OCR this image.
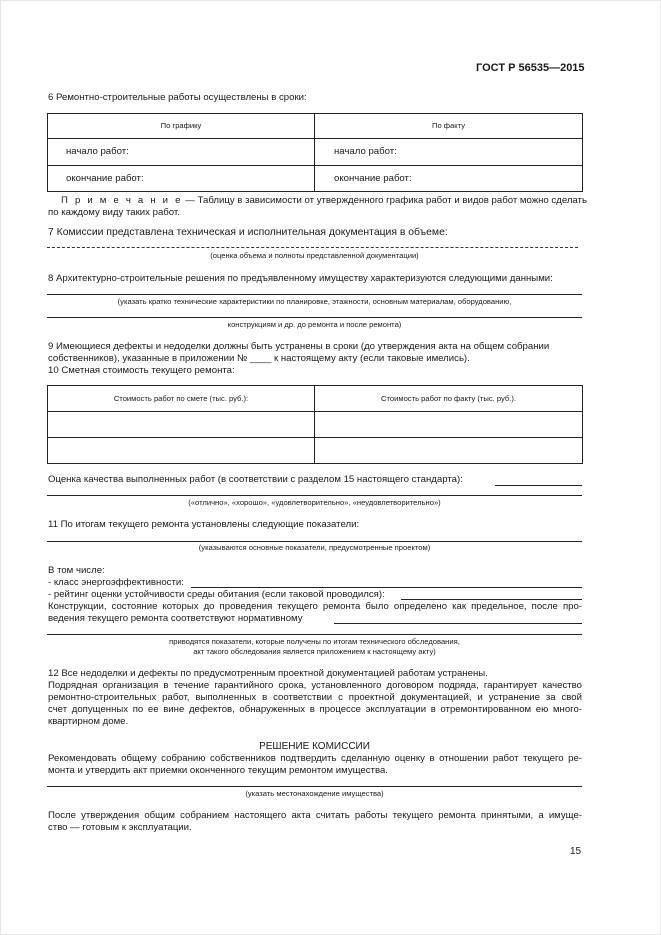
ГОСТ Р 56535—2015
6 Ремонтно-строительные работы осуществлены в сроки:
По графику	По факту
начало работ:	начало работ:
окончание работ:	окончание работ:
П р и м е ч а н и е — Таблицу в зависимости от утвержденного графика работ и видов работ можно сделать
по каждому виду таких работ.
7 Комиссии представлена техническая и исполнительная документация в объеме:
(оценка объема и полноты представленной документации)
8 Архитектурно-строительные решения по предъявленному имуществу характеризуются следующими данными:
(указать кратко технические характеристики по планировке, этажности, основным материалам, оборудованию,
конструкциям и др. до ремонта и после ремонта)
9 Имеющиеся дефекты и недоделки должны быть устранены в сроки (до утверждения акта на общем собрании
собственников), указанные в приложении № ____ к настоящему акту (если таковые имелись).
10 Сметная стоимость текущего ремонта:
Стоимость работ по смете (тыс. руб.):	Стоимость работ по факту (тыс. руб.).

Оценка качества выполненных работ (в соответствии с разделом 15 настоящего стандарта):
(«отлично», «хорошо», «удовлетворительно», «неудовлетворительно»)
11 По итогам текущего ремонта установлены следующие показатели:
(указываются основные показатели, предусмотренные проектом)
В том числе:
- класс энергоэффективности:
- рейтинг оценки устойчивости среды обитания (если таковой проводился):
Конструкции, состояние которых до проведения текущего ремонта было определено как предельное, после про-
ведения текущего ремонта соответствуют нормативному
приводятся показатели, которые получены по итогам технического обследования,
акт такого обследования является приложением к настоящему акту)
12 Все недоделки и дефекты по предусмотренным проектной документацией работам устранены.
Подрядная организация в течение гарантийного срока, установленного договором подряда, гарантирует качество
ремонтно-строительных работ, выполненных в соответствии с проектной документацией, и устранение за свой
счет допущенных по ее вине дефектов, обнаруженных в процессе эксплуатации в отремонтированном ею много-
квартирном доме.
РЕШЕНИЕ КОМИССИИ
Рекомендовать общему собранию собственников подтвердить сделанную оценку в отношении работ текущего ре-
монта и утвердить акт приемки оконченного текущим ремонтом имущества.
(указать местонахождение имущества)
После утверждения общим собранием настоящего акта считать работы текущего ремонта принятыми, а имуще-
ство — готовым к эксплуатации.
15
